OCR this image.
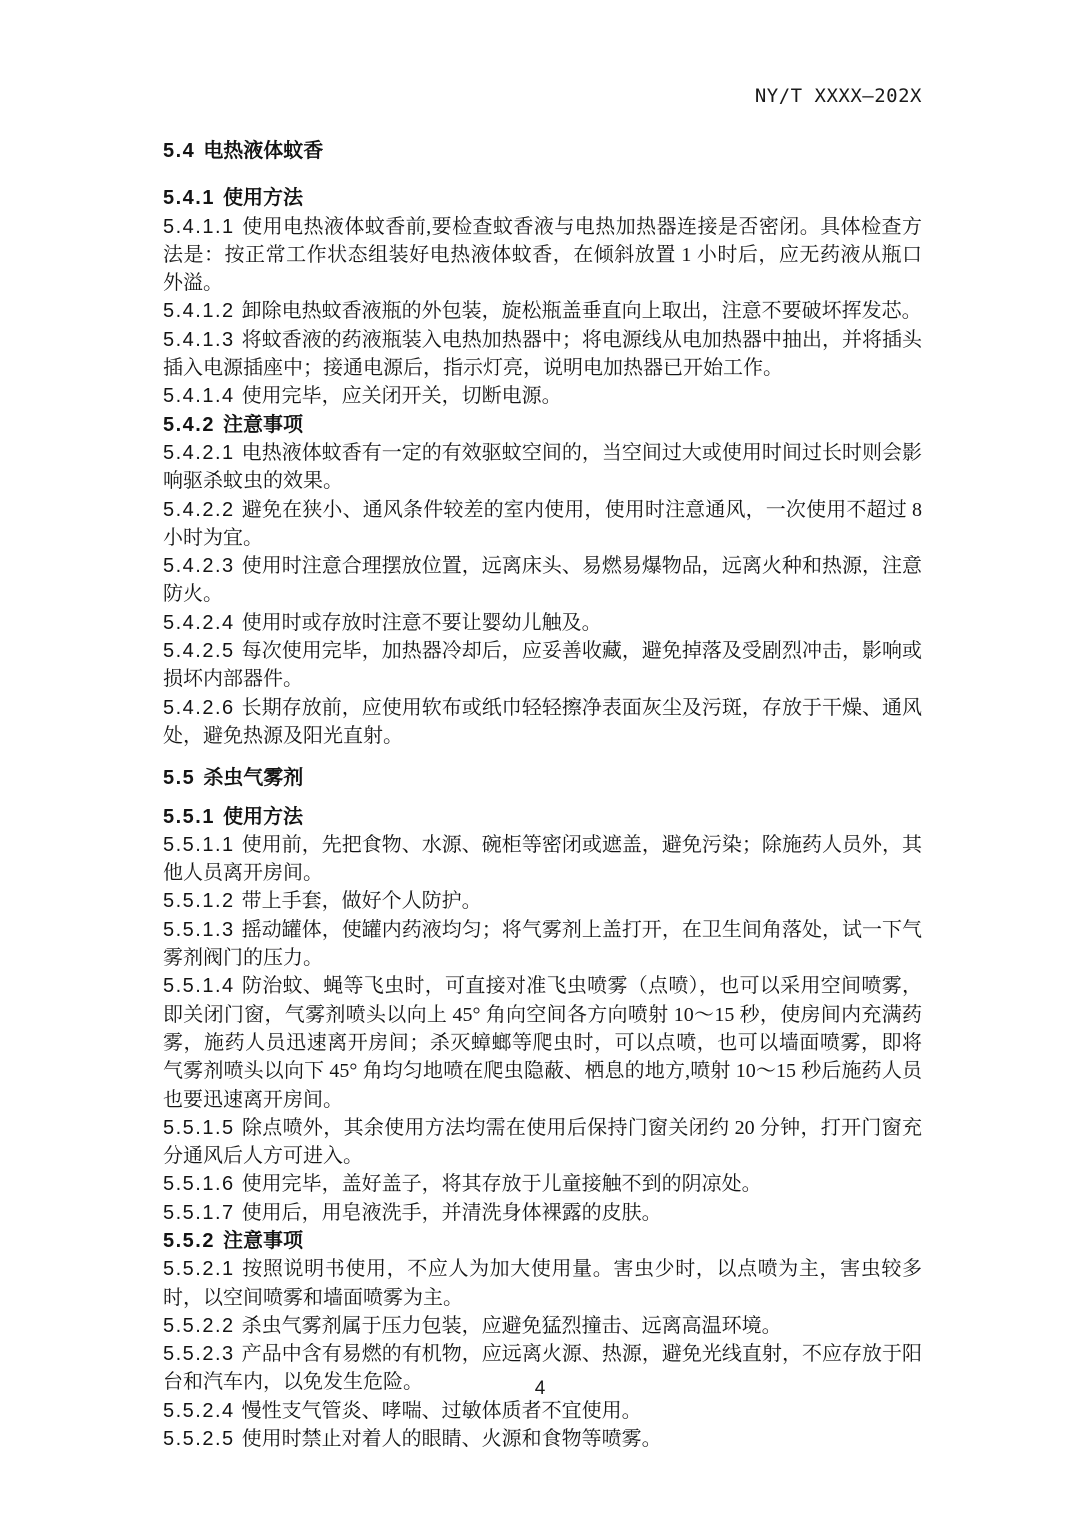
NY/T XXXX—202X
5.4 电热液体蚊香
5.4.1 使用方法

5.4.1.1 使用电热液体蚊香前,要检查蚊香液与电热加热器连接是否密闭。具体检查方法是：按正常工作状态组装好电热液体蚊香，在倾斜放置 1 小时后，应无药液从瓶口外溢。

5.4.1.2 卸除电热蚊香液瓶的外包装，旋松瓶盖垂直向上取出，注意不要破坏挥发芯。

5.4.1.3 将蚊香液的药液瓶装入电热加热器中；将电源线从电加热器中抽出，并将插头插入电源插座中；接通电源后，指示灯亮，说明电加热器已开始工作。

5.4.1.4 使用完毕，应关闭开关，切断电源。

5.4.2 注意事项

5.4.2.1 电热液体蚊香有一定的有效驱蚊空间的，当空间过大或使用时间过长时则会影响驱杀蚊虫的效果。

5.4.2.2 避免在狭小、通风条件较差的室内使用，使用时注意通风，一次使用不超过 8 小时为宜。

5.4.2.3 使用时注意合理摆放位置，远离床头、易燃易爆物品，远离火种和热源，注意防火。

5.4.2.4 使用时或存放时注意不要让婴幼儿触及。

5.4.2.5 每次使用完毕，加热器冷却后，应妥善收藏，避免掉落及受剧烈冲击，影响或损坏内部器件。

5.4.2.6 长期存放前，应使用软布或纸巾轻轻擦净表面灰尘及污斑，存放于干燥、通风处，避免热源及阳光直射。

5.5 杀虫气雾剂
5.5.1 使用方法

5.5.1.1 使用前，先把食物、水源、碗柜等密闭或遮盖，避免污染；除施药人员外，其他人员离开房间。

5.5.1.2 带上手套，做好个人防护。

5.5.1.3 摇动罐体，使罐内药液均匀；将气雾剂上盖打开，在卫生间角落处，试一下气雾剂阀门的压力。

5.5.1.4 防治蚊、蝇等飞虫时，可直接对准飞虫喷雾（点喷），也可以采用空间喷雾，即关闭门窗，气雾剂喷头以向上 45° 角向空间各方向喷射 10～15 秒，使房间内充满药雾，施药人员迅速离开房间；杀灭蟑螂等爬虫时，可以点喷，也可以墙面喷雾，即将气雾剂喷头以向下 45° 角均匀地喷在爬虫隐蔽、栖息的地方,喷射 10～15 秒后施药人员也要迅速离开房间。

5.5.1.5 除点喷外，其余使用方法均需在使用后保持门窗关闭约 20 分钟，打开门窗充分通风后人方可进入。

5.5.1.6 使用完毕，盖好盖子，将其存放于儿童接触不到的阴凉处。

5.5.1.7 使用后，用皂液洗手，并清洗身体裸露的皮肤。

5.5.2 注意事项

5.5.2.1 按照说明书使用，不应人为加大使用量。害虫少时，以点喷为主，害虫较多时，以空间喷雾和墙面喷雾为主。

5.5.2.2 杀虫气雾剂属于压力包装，应避免猛烈撞击、远离高温环境。

5.5.2.3 产品中含有易燃的有机物，应远离火源、热源，避免光线直射，不应存放于阳台和汽车内，以免发生危险。

5.5.2.4 慢性支气管炎、哮喘、过敏体质者不宜使用。

5.5.2.5 使用时禁止对着人的眼睛、火源和食物等喷雾。

4
